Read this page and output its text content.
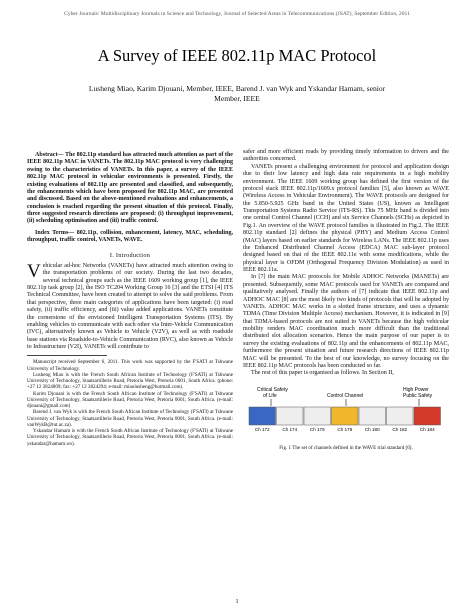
Cyber Journals: Multidisciplinary Journals in Science and Technology, Journal of Selected Areas in Telecommunications (JSAT), September Edition, 2011
A Survey of IEEE 802.11p MAC Protocol
Lusheng Miao, Karim Djouani, Member, IEEE, Barend J. van Wyk and Yskandar Hamam, senior
Member, IEEE

Abstract— The 802.11p standard has attracted much attention as part of the IEEE 802.11p MAC in VANETs. The 802.11p MAC protocol is very challenging owing to the characteristics of VANETs. In this paper, a survey of the IEEE 802.11p MAC protocol in vehicular environments is presented. Firstly, the existing evaluations of 802.11p are presented and classified, and subsequently, the enhancements which have been proposed for 802.11p MAC, are presented and discussed. Based on the above-mentioned evaluations and enhancements, a conclusion is reached regarding the present situation of this protocol. Finally, three suggested research directions are proposed: (i) throughput improvement, (ii) scheduling optimisation and (iii) traffic control.

Index Terms— 802.11p, collision, enhancement, latency, MAC, scheduling, throughput, traffic control, VANETs, WAVE.

I. Introduction

Vehicular ad-hoc Networks (VANETs) have attracted much attention owing to the transportation problems of our society. During the last two decades, several technical groups such as the IEEE 1609 working group [1], the IEEE 802.11p task group [2], the ISO TC204 Working Group 16 [3] and the ETSI [4] ITS Technical Committee, have been created to attempt to solve the said problems. From that perspective, three main categories of applications have been targeted: (i) road safety, (ii) traffic efficiency, and (iii) value added applications. VANETs constitute the cornerstone of the envisioned Intelligent Transportation Systems (ITS). By enabling vehicles to communicate with each other via Inter-Vehicle Communication (IVC), alternatively known as Vehicle to Vehicle (V2V), as well as with roadside base stations via Roadside-to-Vehicle Communication (RVC), also known as Vehicle to Infrastructure (V2I), VANETs will contribute to

Manuscript received September 6, 2011. This work was supported by the F'SATI at Tshwane University of Technology.

Lusheng Miao is with the French South African Institute of Technology (F'SATI) at Tshwane University of Technology, Staatsartillerie Road, Pretoria West, Pretoria 0001, South Africa. (phone: +27 12 3824809; fax: +27 12 3824294; e-mail: miaolusheng@hotmail.com).

Karim Djouani is with the French South African Institute of Technology (F'SATI) at Tshwane University of Technology, Staatsartillerie Road, Pretoria West, Pretoria 0001, South Africa. (e-mail: djouani@gmail.com)

Barend J. van Wyk is with the French South African Institute of Technology (F'SATI) at Tshwane University of Technology, Staatsartillerie Road, Pretoria West, Pretoria 0001, South Africa. (e-mail: vanWykB@tut.ac.za).

Yskandar Hamam is with the French South African Institute of Technology (F'SATI) at Tshwane University of Technology, Staatsartillerie Road, Pretoria West, Pretoria 0001, South Africa. (e-mail: yskandar@hamam.ws).

safer and more efficient roads by providing timely information to drivers and the authorities concerned.

VANETs present a challenging environment for protocol and application design due to their low latency and high data rate requirements in a high mobility environment. The IEEE 1609 working group has defined the first version of the protocol stack IEEE 802.11p/1609.x protocol families [5], also known as WAVE (Wireless Access in Vehicular Environment). The WAVE protocols are designed for the 5.850-5.925 GHz band in the United States (US), known as Intelligent Transportation Systems Radio Service (ITS-RS). This 75 MHz band is divided into one central Control Channel (CCH) and six Service Channels (SCHs) as depicted in Fig.1. An overview of the WAVE protocol families is illustrated in Fig.2. The IEEE 802.11p standard [2] defines the physical (PHY) and Medium Access Control (MAC) layers based on earlier standards for Wireless LANs. The IEEE 802.11p uses the Enhanced Distributed Channel Access (EDCA) MAC sub-layer protocol designed based on that of the IEEE 802.11e with some modifications, while the physical layer is OFDM (Orthogonal Frequency Division Modulation) as used in IEEE 802.11a.

In [7] the main MAC protocols for Mobile ADHOC Networks (MANETs) are presented. Subsequently, some MAC protocols used for VANETs are compared and qualitatively analysed. Finally the authors of [7] indicate that IEEE 802.11p and ADHOC MAC [8] are the most likely two kinds of protocols that will be adopted by VANETs. ADHOC MAC works in a slotted frame structure, and uses a dynamic TDMA (Time Division Multiple Access) mechanism. However, it is indicated in [9] that TDMA-based protocols are not suited to VANETs because the high vehicular mobility renders MAC coordination much more difficult than the traditional distributed slot allocation scenarios. Hence the main purpose of our paper is to survey the existing evaluations of 802.11p and the enhancements of 802.11p MAC, furthermore the present situation and future research directions of IEEE 802.11p MAC will be presented. To the best of our knowledge, no survey focusing on the IEEE 802.11p MAC protocols has been conducted so far.

The rest of this paper is organised as follows. In Section II,

Critical Safety
of Life	Control Channel
High Power
Public Safety
Ch 172	Ch 174	Ch 176	Ch 178	Ch 180	Ch 182	Ch 184
Fig. 1 The set of channels defined in the WAVE trial standard [6].
1
